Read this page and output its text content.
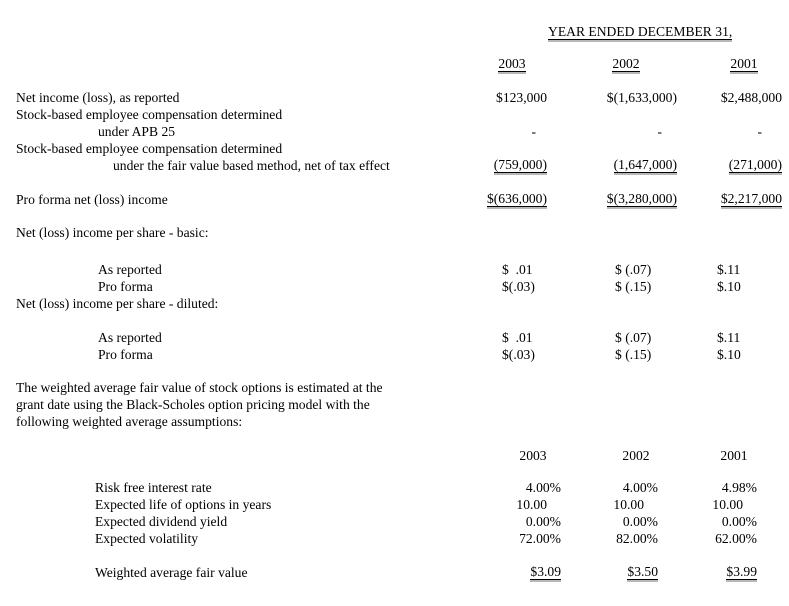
YEAR ENDED DECEMBER 31,
2003	2002	2001
Net income (loss), as reported	$123,000	$(1,633,000)	$2,488,000
Stock-based employee compensation determined
under APB 25	-	-	-
Stock-based employee compensation determined
under the fair value based method, net of tax effect	(759,000)	(1,647,000)	(271,000)
Pro forma net (loss) income	$(636,000)	$(3,280,000)	$2,217,000
Net (loss) income per share - basic:
As reported	$  .01	$ (.07)	$.11
Pro forma	$(.03)	$ (.15)	$.10
Net (loss) income per share - diluted:
As reported	$  .01	$ (.07)	$.11
Pro forma	$(.03)	$ (.15)	$.10
The weighted average fair value of stock options is estimated at the
grant date using the Black-Scholes option pricing model with the
following weighted average assumptions:
2003	2002	2001
Risk free interest rate	4.00%	4.00%	4.98%
Expected life of options in years	10.00	10.00	10.00
Expected dividend yield	0.00%	0.00%	0.00%
Expected volatility	72.00%	82.00%	62.00%
Weighted average fair value	$3.09	$3.50	$3.99
